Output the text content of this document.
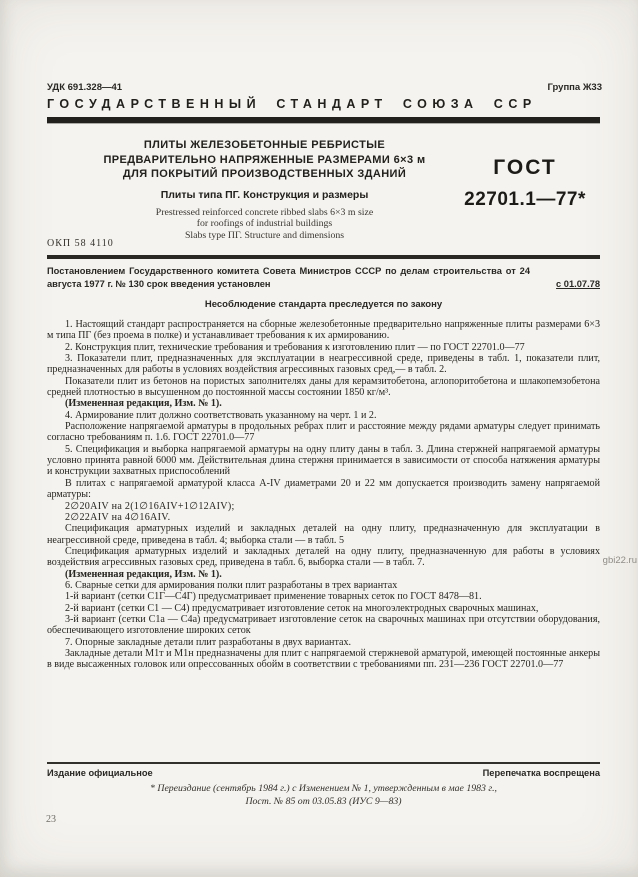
УДК 691.328—41	Группа Ж33
ГОСУДАРСТВЕННЫЙ СТАНДАРТ СОЮЗА ССР
ПЛИТЫ ЖЕЛЕЗОБЕТОННЫЕ РЕБРИСТЫЕ
ПРЕДВАРИТЕЛЬНО НАПРЯЖЕННЫЕ РАЗМЕРАМИ 6×3 м
ДЛЯ ПОКРЫТИЙ ПРОИЗВОДСТВЕННЫХ ЗДАНИЙ
Плиты типа ПГ. Конструкция и размеры
Prestressed reinforced concrete ribbed slabs 6×3 m size
for roofings of industrial buildings
Slabs type ПГ. Structure and dimensions
ГОСТ
22701.1—77*
ОКП 58 4110

Постановлением Государственного комитета Совета Министров СССР по делам строительства от 24 августа 1977 г. № 130 срок введения установлен	с 01.07.78
Несоблюдение стандарта преследуется по закону

1. Настоящий стандарт распространяется на сборные железобетонные предварительно напряженные плиты размерами 6×3 м типа ПГ (без проема в полке) и устанавливает требования к их армированию.

2. Конструкция плит, технические требования и требования к изготовлению плит — по ГОСТ 22701.0—77

3. Показатели плит, предназначенных для эксплуатации в неагрессивной среде, приведены в табл. 1, показатели плит, предназначенных для работы в условиях воздействия агрессивных газовых сред,— в табл. 2.

Показатели плит из бетонов на пористых заполнителях даны для керамзитобетона, аглопоритобетона и шлакопемзобетона средней плотностью в высушенном до постоянной массы состоянии 1850 кг/м³.

(Измененная редакция, Изм. № 1).

4. Армирование плит должно соответствовать указанному на черт. 1 и 2.

Расположение напрягаемой арматуры в продольных ребрах плит и расстояние между рядами арматуры следует принимать согласно требованиям п. 1.6. ГОСТ 22701.0—77

5. Спецификация и выборка напрягаемой арматуры на одну плиту даны в табл. 3. Длина стержней напрягаемой арматуры условно принята равной 6000 мм. Действительная длина стержня принимается в зависимости от способа натяжения арматуры и конструкции захватных приспособлений

В плитах с напрягаемой арматурой класса A-IV диаметрами 20 и 22 мм допускается производить замену напрягаемой арматуры:

2∅20AIV на 2(1∅16AIV+1∅12AIV);

2∅22AIV на 4∅16AIV.

Спецификация арматурных изделий и закладных деталей на одну плиту, предназначенную для эксплуатации в неагрессивной среде, приведена в табл. 4; выборка стали — в табл. 5

Спецификация арматурных изделий и закладных деталей на одну плиту, предназначенную для работы в условиях воздействия агрессивных газовых сред, приведена в табл. 6, выборка стали — в табл. 7.

(Измененная редакция, Изм. № 1).

6. Сварные сетки для армирования полки плит разработаны в трех вариантах

1-й вариант (сетки С1Г—С4Г) предусматривает применение товарных сеток по ГОСТ 8478—81.

2-й вариант (сетки С1 — С4) предусматривает изготовление сеток на многоэлектродных сварочных машинах,

3-й вариант (сетки С1а — С4а) предусматривает изготовление сеток на сварочных машинах при отсутствии оборудования, обеспечивающего изготовление широких сеток

7. Опорные закладные детали плит разработаны в двух вариантах.

Закладные детали М1т и М1н предназначены для плит с напрягаемой стержневой арматурой, имеющей постоянные анкеры в виде высаженных головок или опрессованных обойм в соответствии с требованиями пп. 231—236 ГОСТ 22701.0—77

Издание официальное	Перепечатка воспрещена
* Переиздание (сентябрь 1984 г.) с Изменением № 1, утвержденным в мае 1983 г.,
Пост. № 85 от 03.05.83 (ИУС 9—83)
23
gbi22.ru
